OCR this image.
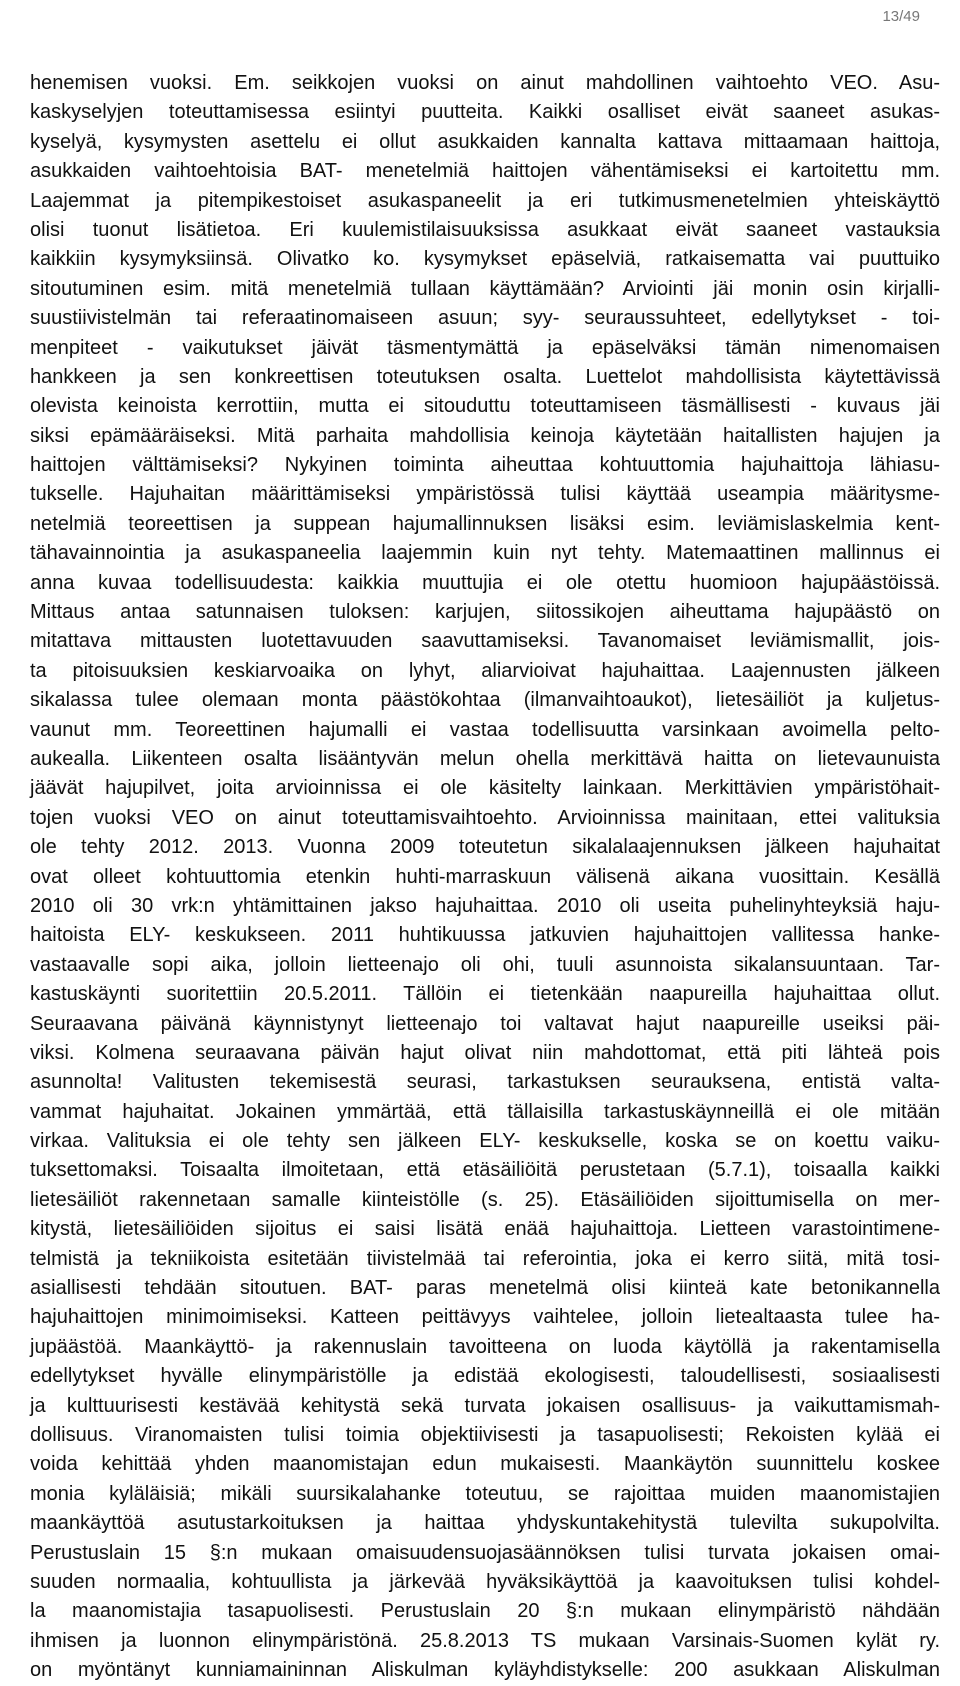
13/49
henemisen vuoksi. Em. seikkojen vuoksi on ainut mahdollinen vaihtoehto VEO. Asu-
kaskyselyjen toteuttamisessa esiintyi puutteita. Kaikki osalliset eivät saaneet asukas-
kyselyä, kysymysten asettelu ei ollut asukkaiden kannalta kattava mittaamaan haittoja,
asukkaiden vaihtoehtoisia BAT- menetelmiä haittojen vähentämiseksi ei kartoitettu mm.
Laajemmat ja pitempikestoiset asukaspaneelit ja eri tutkimusmenetelmien yhteiskäyttö
olisi tuonut lisätietoa. Eri kuulemistilaisuuksissa asukkaat eivät saaneet vastauksia
kaikkiin kysymyksiinsä. Olivatko ko. kysymykset epäselviä, ratkaisematta vai puuttuiko
sitoutuminen esim. mitä menetelmiä tullaan käyttämään? Arviointi jäi monin osin kirjalli-
suustiivistelmän tai referaatinomaiseen asuun; syy- seuraussuhteet, edellytykset - toi-
menpiteet - vaikutukset jäivät täsmentymättä ja epäselväksi tämän nimenomaisen
hankkeen ja sen konkreettisen toteutuksen osalta. Luettelot mahdollisista käytettävissä
olevista keinoista kerrottiin, mutta ei sitouduttu toteuttamiseen täsmällisesti - kuvaus jäi
siksi epämääräiseksi. Mitä parhaita mahdollisia keinoja käytetään haitallisten hajujen ja
haittojen välttämiseksi? Nykyinen toiminta aiheuttaa kohtuuttomia hajuhaittoja lähiasu-
tukselle. Hajuhaitan määrittämiseksi ympäristössä tulisi käyttää useampia määritysme-
netelmiä teoreettisen ja suppean hajumallinnuksen lisäksi esim. leviämislaskelmia kent-
tähavainnointia ja asukaspaneelia laajemmin kuin nyt tehty. Matemaattinen mallinnus ei
anna kuvaa todellisuudesta: kaikkia muuttujia ei ole otettu huomioon hajupäästöissä.
Mittaus antaa satunnaisen tuloksen: karjujen, siitossikojen aiheuttama hajupäästö on
mitattava mittausten luotettavuuden saavuttamiseksi. Tavanomaiset leviämismallit, jois-
ta pitoisuuksien keskiarvoaika on lyhyt, aliarvioivat hajuhaittaa. Laajennusten jälkeen
sikalassa tulee olemaan monta päästökohtaa (ilmanvaihtoaukot), lietesäiliöt ja kuljetus-
vaunut mm. Teoreettinen hajumalli ei vastaa todellisuutta varsinkaan avoimella pelto-
aukealla. Liikenteen osalta lisääntyvän melun ohella merkittävä haitta on lietevaunuista
jäävät hajupilvet, joita arvioinnissa ei ole käsitelty lainkaan. Merkittävien ympäristöhait-
tojen vuoksi VEO on ainut toteuttamisvaihtoehto. Arvioinnissa mainitaan, ettei valituksia
ole tehty 2012. 2013. Vuonna 2009 toteutetun sikalalaajennuksen jälkeen hajuhaitat
ovat olleet kohtuuttomia etenkin huhti-marraskuun välisenä aikana vuosittain. Kesällä
2010 oli 30 vrk:n yhtämittainen jakso hajuhaittaa. 2010 oli useita puhelinyhteyksiä haju-
haitoista ELY- keskukseen. 2011 huhtikuussa jatkuvien hajuhaittojen vallitessa hanke-
vastaavalle sopi aika, jolloin lietteenajo oli ohi, tuuli asunnoista sikalansuuntaan. Tar-
kastuskäynti suoritettiin 20.5.2011. Tällöin ei tietenkään naapureilla hajuhaittaa ollut.
Seuraavana päivänä käynnistynyt lietteenajo toi valtavat hajut naapureille useiksi päi-
viksi. Kolmena seuraavana päivän hajut olivat niin mahdottomat, että piti lähteä pois
asunnolta! Valitusten tekemisestä seurasi, tarkastuksen seurauksena, entistä valta-
vammat hajuhaitat. Jokainen ymmärtää, että tällaisilla tarkastuskäynneillä ei ole mitään
virkaa. Valituksia ei ole tehty sen jälkeen ELY- keskukselle, koska se on koettu vaiku-
tuksettomaksi. Toisaalta ilmoitetaan, että etäsäiliöitä perustetaan (5.7.1), toisaalla kaikki
lietesäiliöt rakennetaan samalle kiinteistölle (s. 25). Etäsäiliöiden sijoittumisella on mer-
kitystä, lietesäiliöiden sijoitus ei saisi lisätä enää hajuhaittoja. Lietteen varastointimene-
telmistä ja tekniikoista esitetään tiivistelmää tai referointia, joka ei kerro siitä, mitä tosi-
asiallisesti tehdään sitoutuen. BAT- paras menetelmä olisi kiinteä kate betonikannella
hajuhaittojen minimoimiseksi. Katteen peittävyys vaihtelee, jolloin lietealtaasta tulee ha-
jupäästöä. Maankäyttö- ja rakennuslain tavoitteena on luoda käytöllä ja rakentamisella
edellytykset hyvälle elinympäristölle ja edistää ekologisesti, taloudellisesti, sosiaalisesti
ja kulttuurisesti kestävää kehitystä sekä turvata jokaisen osallisuus- ja vaikuttamismah-
dollisuus. Viranomaisten tulisi toimia objektiivisesti ja tasapuolisesti; Rekoisten kylää ei
voida kehittää yhden maanomistajan edun mukaisesti. Maankäytön suunnittelu koskee
monia kyläläisiä; mikäli suursikalahanke toteutuu, se rajoittaa muiden maanomistajien
maankäyttöä asutustarkoituksen ja haittaa yhdyskuntakehitystä tulevilta sukupolvilta.
Perustuslain 15 §:n mukaan omaisuudensuojasäännöksen tulisi turvata jokaisen omai-
suuden normaalia, kohtuullista ja järkevää hyväksikäyttöä ja kaavoituksen tulisi kohdel-
la maanomistajia tasapuolisesti. Perustuslain 20 §:n mukaan elinympäristö nähdään
ihmisen ja luonnon elinympäristönä. 25.8.2013 TS mukaan Varsinais-Suomen kylät ry.
on myöntänyt kunniamaininnan Aliskulman kyläyhdistykselle: 200 asukkaan Aliskulman
